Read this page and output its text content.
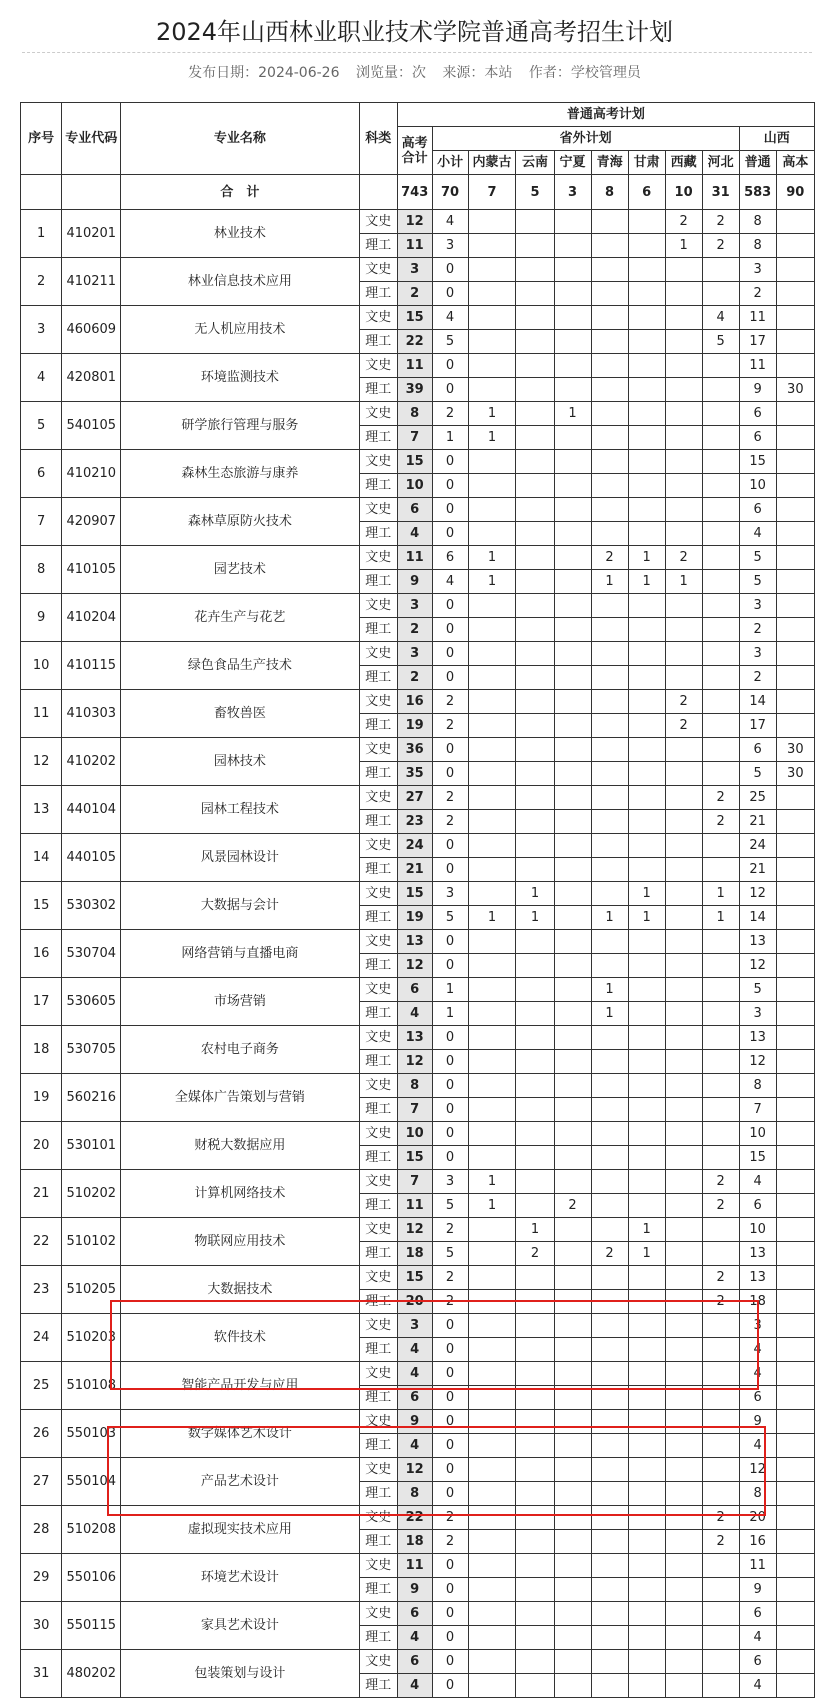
2024年山西林业职业技术学院普通高考招生计划
发布日期：2024-06-26 浏览量：次 来源：本站 作者：学校管理员
序号	专业代码	专业名称	科类	普通高考计划										
				高考合计	省外计划								山西	
					小计	内蒙古	云南	宁夏	青海	甘肃	西藏	河北	普通	高本
		合　计		743	70	7	5	3	8	6	10	31	583	90
1	410201	林业技术	文史	12	4						2	2	8	
			理工	11	3						1	2	8	
2	410211	林业信息技术应用	文史	3	0								3	
			理工	2	0								2	
3	460609	无人机应用技术	文史	15	4							4	11	
			理工	22	5							5	17	
4	420801	环境监测技术	文史	11	0								11	
			理工	39	0								9	30
5	540105	研学旅行管理与服务	文史	8	2	1		1					6	
			理工	7	1	1							6	
6	410210	森林生态旅游与康养	文史	15	0								15	
			理工	10	0								10	
7	420907	森林草原防火技术	文史	6	0								6	
			理工	4	0								4	
8	410105	园艺技术	文史	11	6	1			2	1	2		5	
			理工	9	4	1			1	1	1		5	
9	410204	花卉生产与花艺	文史	3	0								3	
			理工	2	0								2	
10	410115	绿色食品生产技术	文史	3	0								3	
			理工	2	0								2	
11	410303	畜牧兽医	文史	16	2						2		14	
			理工	19	2						2		17	
12	410202	园林技术	文史	36	0								6	30
			理工	35	0								5	30
13	440104	园林工程技术	文史	27	2							2	25	
			理工	23	2							2	21	
14	440105	风景园林设计	文史	24	0								24	
			理工	21	0								21	
15	530302	大数据与会计	文史	15	3		1			1		1	12	
			理工	19	5	1	1		1	1		1	14	
16	530704	网络营销与直播电商	文史	13	0								13	
			理工	12	0								12	
17	530605	市场营销	文史	6	1				1				5	
			理工	4	1				1				3	
18	530705	农村电子商务	文史	13	0								13	
			理工	12	0								12	
19	560216	全媒体广告策划与营销	文史	8	0								8	
			理工	7	0								7	
20	530101	财税大数据应用	文史	10	0								10	
			理工	15	0								15	
21	510202	计算机网络技术	文史	7	3	1						2	4	
			理工	11	5	1		2				2	6	
22	510102	物联网应用技术	文史	12	2		1			1			10	
			理工	18	5		2		2	1			13	
23	510205	大数据技术	文史	15	2							2	13	
			理工	20	2							2	18	
24	510203	软件技术	文史	3	0								3	
			理工	4	0								4	
25	510108	智能产品开发与应用	文史	4	0								4	
			理工	6	0								6	
26	550103	数字媒体艺术设计	文史	9	0								9	
			理工	4	0								4	
27	550104	产品艺术设计	文史	12	0								12	
			理工	8	0								8	
28	510208	虚拟现实技术应用	文史	22	2							2	20	
			理工	18	2							2	16	
29	550106	环境艺术设计	文史	11	0								11	
			理工	9	0								9	
30	550115	家具艺术设计	文史	6	0								6	
			理工	4	0								4	
31	480202	包装策划与设计	文史	6	0								6	
			理工	4	0								4	
